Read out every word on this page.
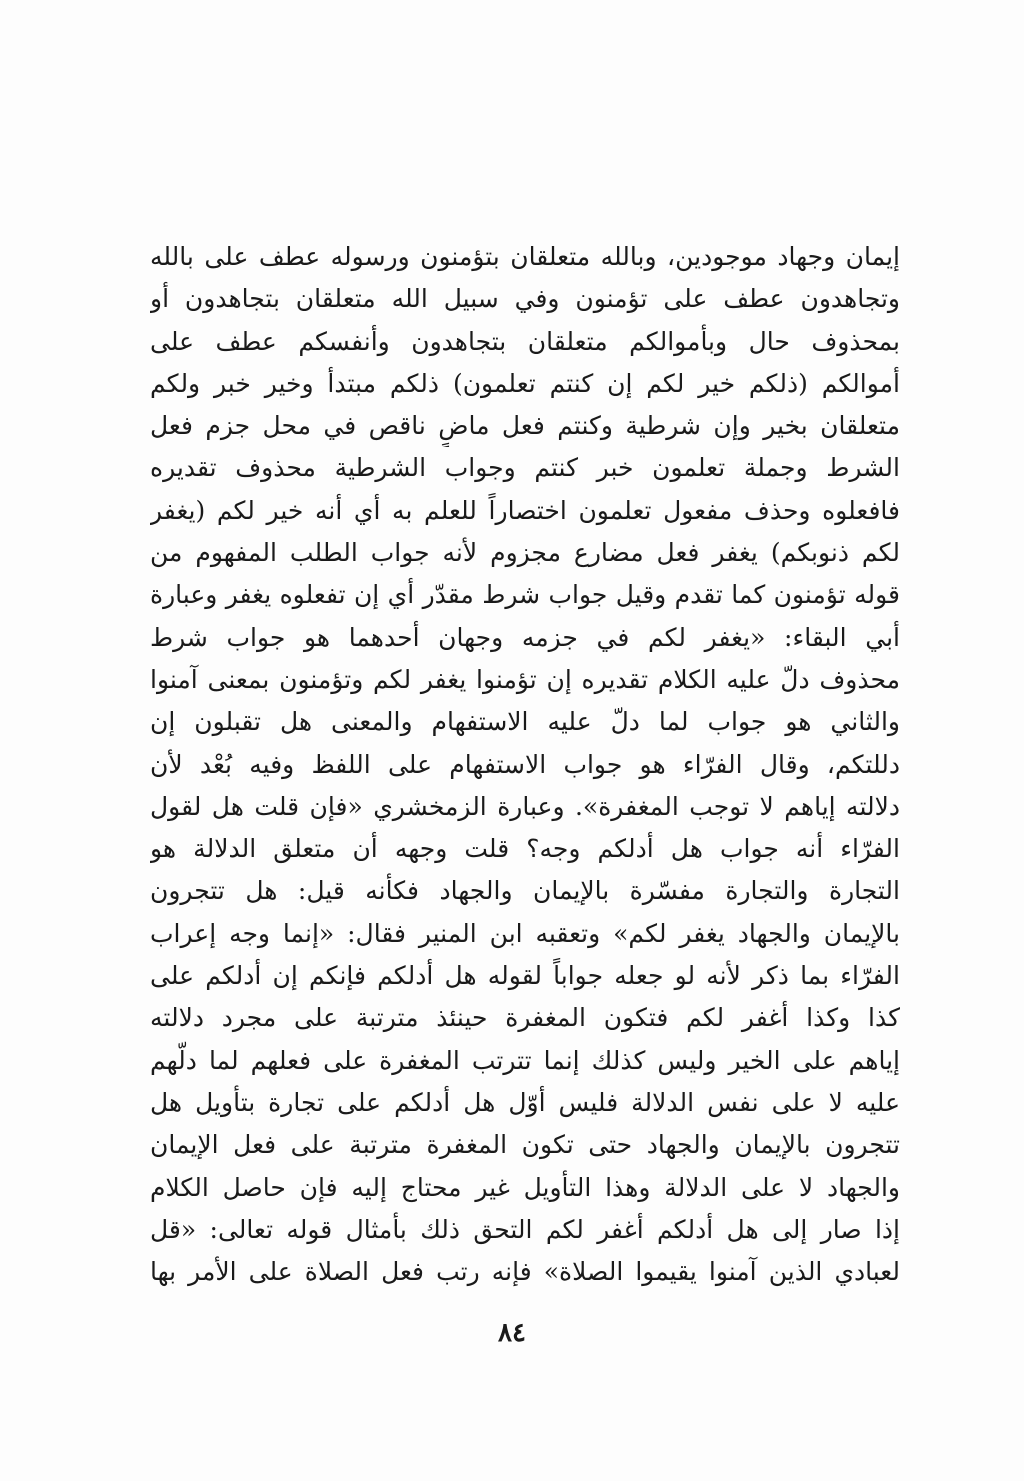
إيمان وجهاد موجودين، وبالله متعلقان بتؤمنون ورسوله عطف على بالله
وتجاهدون عطف على تؤمنون وفي سبيل الله متعلقان بتجاهدون أو
بمحذوف حال وبأموالكم متعلقان بتجاهدون وأنفسكم عطف على
أموالكم (ذلكم خير لكم إن كنتم تعلمون) ذلكم مبتدأ وخير خبر ولكم
متعلقان بخير وإن شرطية وكنتم فعل ماضٍ ناقص في محل جزم فعل
الشرط وجملة تعلمون خبر كنتم وجواب الشرطية محذوف تقديره
فافعلوه وحذف مفعول تعلمون اختصاراً للعلم به أي أنه خير لكم (يغفر
لكم ذنوبكم) يغفر فعل مضارع مجزوم لأنه جواب الطلب المفهوم من
قوله تؤمنون كما تقدم وقيل جواب شرط مقدّر أي إن تفعلوه يغفر وعبارة
أبي البقاء: «يغفر لكم في جزمه وجهان أحدهما هو جواب شرط
محذوف دلّ عليه الكلام تقديره إن تؤمنوا يغفر لكم وتؤمنون بمعنى آمنوا
والثاني هو جواب لما دلّ عليه الاستفهام والمعنى هل تقبلون إن
دللتكم، وقال الفرّاء هو جواب الاستفهام على اللفظ وفيه بُعْد لأن
دلالته إياهم لا توجب المغفرة». وعبارة الزمخشري «فإن قلت هل لقول
الفرّاء أنه جواب هل أدلكم وجه؟ قلت وجهه أن متعلق الدلالة هو
التجارة والتجارة مفسّرة بالإيمان والجهاد فكأنه قيل: هل تتجرون
بالإيمان والجهاد يغفر لكم» وتعقبه ابن المنير فقال: «إنما وجه إعراب
الفرّاء بما ذكر لأنه لو جعله جواباً لقوله هل أدلكم فإنكم إن أدلكم على
كذا وكذا أغفر لكم فتكون المغفرة حينئذ مترتبة على مجرد دلالته
إياهم على الخير وليس كذلك إنما تترتب المغفرة على فعلهم لما دلّهم
عليه لا على نفس الدلالة فليس أوّل هل أدلكم على تجارة بتأويل هل
تتجرون بالإيمان والجهاد حتى تكون المغفرة مترتبة على فعل الإيمان
والجهاد لا على الدلالة وهذا التأويل غير محتاج إليه فإن حاصل الكلام
إذا صار إلى هل أدلكم أغفر لكم التحق ذلك بأمثال قوله تعالى: «قل
لعبادي الذين آمنوا يقيموا الصلاة» فإنه رتب فعل الصلاة على الأمر بها
٨٤
